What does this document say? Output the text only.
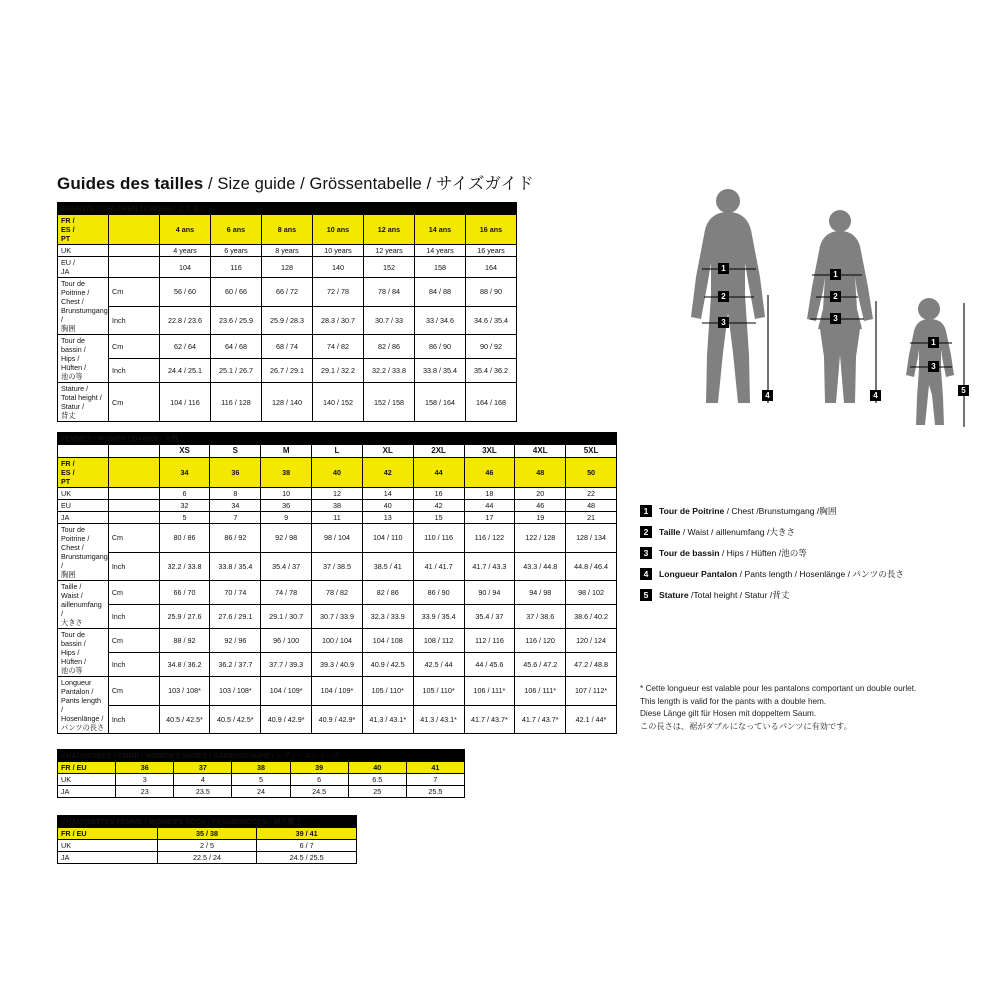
Guides des tailles / Size guide / Grössentabelle / サイズガイド
ENFANTS / CHILDREN / KINDER / より良い								
FR /
ES /
PT		4 ans	6 ans	8 ans	10 ans	12 ans	14 ans	16 ans
UK		4 years	6 years	8 years	10 years	12 years	14 years	16 years
EU /
JA		104	116	128	140	152	158	164
Tour de Poitrine /
Chest /
Brunstumgang /
胸囲	Cm	56 / 60	60 / 66	66 / 72	72 / 78	78 / 84	84 / 88	88 / 90
	Inch	22.8 / 23.6	23.6 / 25.9	25.9 / 28.3	28.3 / 30.7	30.7 / 33	33 / 34.6	34.6 / 35.4
Tour de bassin /
Hips /
Hüften /
池の等	Cm	62 / 64	64 / 68	68 / 74	74 / 82	82 / 86	86 / 90	90 / 92
	Inch	24.4 / 25.1	25.1 / 26.7	26.7 / 29.1	29.1 / 32.2	32.2 / 33.8	33.8 / 35.4	35.4 / 36.2
Stature /
Total height /
Statur /
背丈	Cm	104 / 116	116 / 128	128 / 140	140 / 152	152 / 158	158 / 164	164 / 168
FEMMES / WOMEN / DAMEN / 女性										
		XS	S	M	L	XL	2XL	3XL	4XL	5XL
FR /
ES /
PT		34	36	38	40	42	44	46	48	50
UK		6	8	10	12	14	16	18	20	22
EU		32	34	36	38	40	42	44	46	48
JA		5	7	9	11	13	15	17	19	21
Tour de Poitrine /
Chest /
Brunstumgang /
胸囲	Cm	80 / 86	86 / 92	92 / 98	98 / 104	104 / 110	110 / 116	116 / 122	122 / 128	128 / 134
	Inch	32.2 / 33.8	33.8 / 35.4	35.4 / 37	37 / 38.5	38.5 / 41	41 / 41.7	41.7 / 43.3	43.3 / 44.8	44.8 / 46.4
Taille /
Waist /
aillenumfang /
大きさ	Cm	66 / 70	70 / 74	74 / 78	78 / 82	82 / 86	86 / 90	90 / 94	94 / 98	98 / 102
	Inch	25.9 / 27.6	27.6 / 29.1	29.1 / 30.7	30.7 / 33.9	32.3 / 33.9	33.9 / 35.4	35.4 / 37	37 / 38.6	38.6 / 40.2
Tour de bassin /
Hips /
Hüften /
池の等	Cm	88 / 92	92 / 96	96 / 100	100 / 104	104 / 108	108 / 112	112 / 116	116 / 120	120 / 124
	Inch	34.8 / 36.2	36.2 / 37.7	37.7 / 39.3	39.3 / 40.9	40.9 / 42.5	42.5 / 44	44 / 45.6	45.6 / 47.2	47.2 / 48.8
Longueur Pantalon /
Pants length /
Hosenlänge /
パンツの長さ	Cm	103 / 108*	103 / 108*	104 / 109*	104 / 109*	105 / 110*	105 / 110*	106 / 111*	106 / 111*	107 / 112*
	Inch	40.5 / 42.5*	40.5 / 42.5*	40.9 / 42.9*	40.9 / 42.9*	41.3 / 43.1*	41.3 / 43.1*	41.7 / 43.7*	41.7 / 43.7*	42.1 / 44*
CHAUSSURES FEMME / WOMEN'S SHOES / DAMENSCHUHE / レディースシューズ						
FR / EU	36	37	38	39	40	41
UK	3	4	5	6	6.5	7
JA	23	23.5	24	24.5	25	25.5
CHAUSSETTES FEMME / WOMEN'S SOCK / FRAUENSOCKE / 婦人靴下		
FR / EU	35 / 38	39 / 41
UK	2 / 5	6 / 7
JA	22.5 / 24	24.5 / 25.5
1
2
3
4
1
2
3
4
1
3
5
1	Tour de Poitrine / Chest /Brunstumgang /胸囲
2	Taille / Waist / aillenumfang /大きさ
3	Tour de bassin / Hips / Hüften /池の等
4	Longueur Pantalon / Pants length / Hosenlänge / パンツの長さ
5	Stature /Total height / Statur /背丈
* Cette longueur est valable pour les pantalons comportant un double ourlet.
This length is valid for the pants with a double hem.
Diese Länge gilt für Hosen mit doppeltem Saum.
この長さは、裾がダブルになっているパンツに有効です。
